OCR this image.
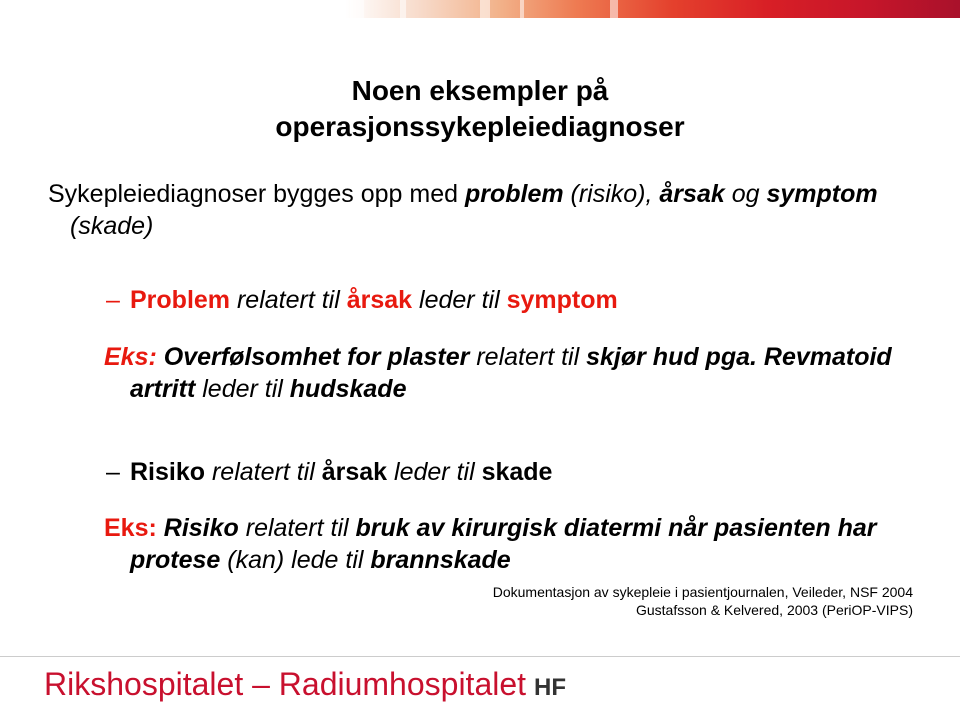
Noen eksempler på
operasjonssykepleiediagnoser

Sykepleiediagnoser bygges opp med problem (risiko), årsak og symptom (skade)

– Problem relatert til årsak leder til symptom

Eks: Overfølsomhet for plaster relatert til skjør hud pga. Revmatoid artritt leder til hudskade

– Risiko relatert til årsak leder til skade

Eks: Risiko relatert til bruk av kirurgisk diatermi når pasienten har protese (kan) lede til brannskade

Dokumentasjon av sykepleie i pasientjournalen, Veileder, NSF 2004
Gustafsson & Kelvered, 2003 (PeriOP-VIPS)
Rikshospitalet – Radiumhospitalet HF
